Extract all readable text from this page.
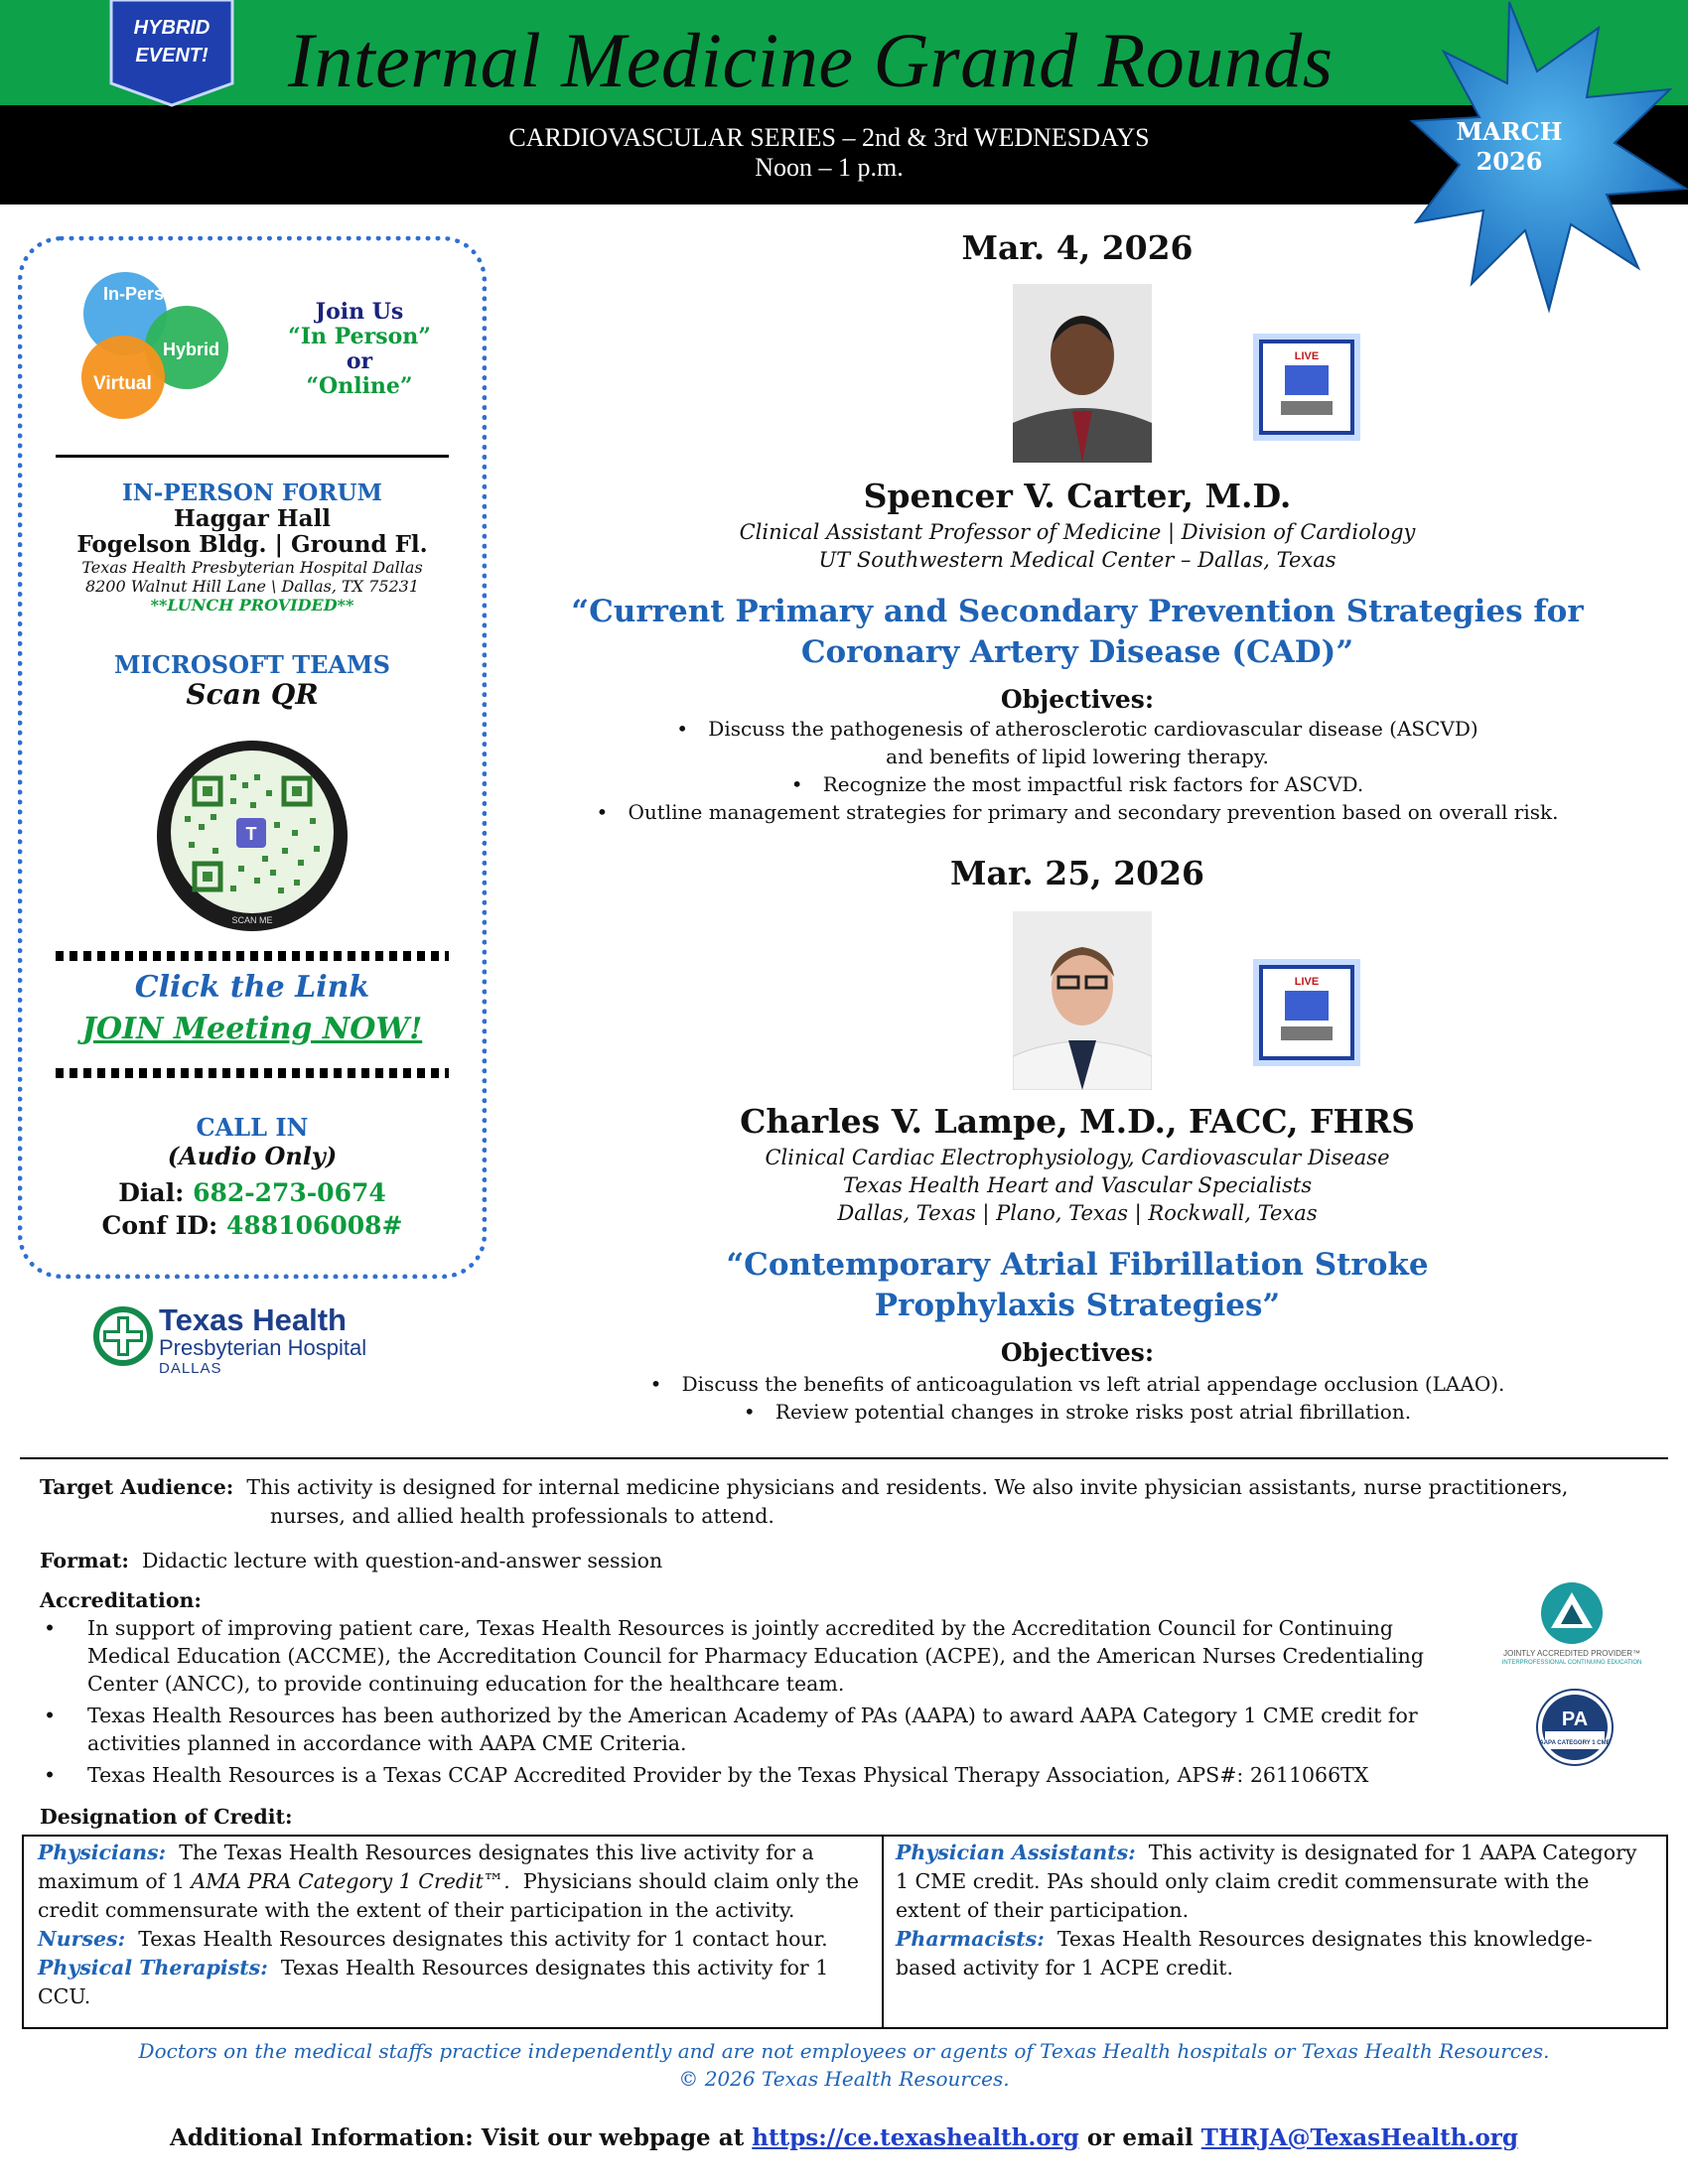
Internal Medicine Grand Rounds
CARDIOVASCULAR SERIES – 2nd & 3rd WEDNESDAYS
Noon – 1 p.m.
HYBRID
EVENT!
MARCH
2026
In-Person
Hybrid
Virtual
Join Us
“In Person”
or
“Online”
IN-PERSON FORUM
Haggar Hall
Fogelson Bldg. | Ground Fl.
Texas Health Presbyterian Hospital Dallas
8200 Walnut Hill Lane \ Dallas, TX 75231
**LUNCH PROVIDED**
MICROSOFT TEAMS
Scan QR
T
SCAN ME
Click the Link
JOIN Meeting NOW!
CALL IN
(Audio Only)
Dial: 682-273-0674
Conf ID: 488106008#
Texas Health
Presbyterian Hospital
DALLAS
Mar. 4, 2026
LIVE
Spencer V. Carter, M.D.
Clinical Assistant Professor of Medicine | Division of Cardiology
UT Southwestern Medical Center – Dallas, Texas
“Current Primary and Secondary Prevention Strategies for
Coronary Artery Disease (CAD)”
Objectives:
• Discuss the pathogenesis of atherosclerotic cardiovascular disease (ASCVD)
and benefits of lipid lowering therapy.
• Recognize the most impactful risk factors for ASCVD.
• Outline management strategies for primary and secondary prevention based on overall risk.
Mar. 25, 2026
LIVE
Charles V. Lampe, M.D., FACC, FHRS
Clinical Cardiac Electrophysiology, Cardiovascular Disease
Texas Health Heart and Vascular Specialists
Dallas, Texas | Plano, Texas | Rockwall, Texas
“Contemporary Atrial Fibrillation Stroke
Prophylaxis Strategies”
Objectives:
• Discuss the benefits of anticoagulation vs left atrial appendage occlusion (LAAO).
• Review potential changes in stroke risks post atrial fibrillation.
Target Audience: This activity is designed for internal medicine physicians and residents. We also invite physician assistants, nurse practitioners,
nurses, and allied health professionals to attend.
Format: Didactic lecture with question-and-answer session
Accreditation:
• In support of improving patient care, Texas Health Resources is jointly accredited by the Accreditation Council for Continuing Medical Education (ACCME), the Accreditation Council for Pharmacy Education (ACPE), and the American Nurses Credentialing Center (ANCC), to provide continuing education for the healthcare team.
• Texas Health Resources has been authorized by the American Academy of PAs (AAPA) to award AAPA Category 1 CME credit for activities planned in accordance with AAPA CME Criteria.
• Texas Health Resources is a Texas CCAP Accredited Provider by the Texas Physical Therapy Association, APS#: 2611066TX
JOINTLY ACCREDITED PROVIDER™
INTERPROFESSIONAL CONTINUING EDUCATION
PA
AAPA CATEGORY 1 CME
Designation of Credit:
Physicians: The Texas Health Resources designates this live activity for a maximum of 1 AMA PRA Category 1 Credit™. Physicians should claim only the credit commensurate with the extent of their participation in the activity.
Nurses: Texas Health Resources designates this activity for 1 contact hour.
Physical Therapists: Texas Health Resources designates this activity for 1 CCU.
Physician Assistants: This activity is designated for 1 AAPA Category 1 CME credit. PAs should only claim credit commensurate with the extent of their participation.
Pharmacists: Texas Health Resources designates this knowledge-based activity for 1 ACPE credit.
Doctors on the medical staffs practice independently and are not employees or agents of Texas Health hospitals or Texas Health Resources.
© 2026 Texas Health Resources.
Additional Information: Visit our webpage at https://ce.texashealth.org or email THRJA@TexasHealth.org
